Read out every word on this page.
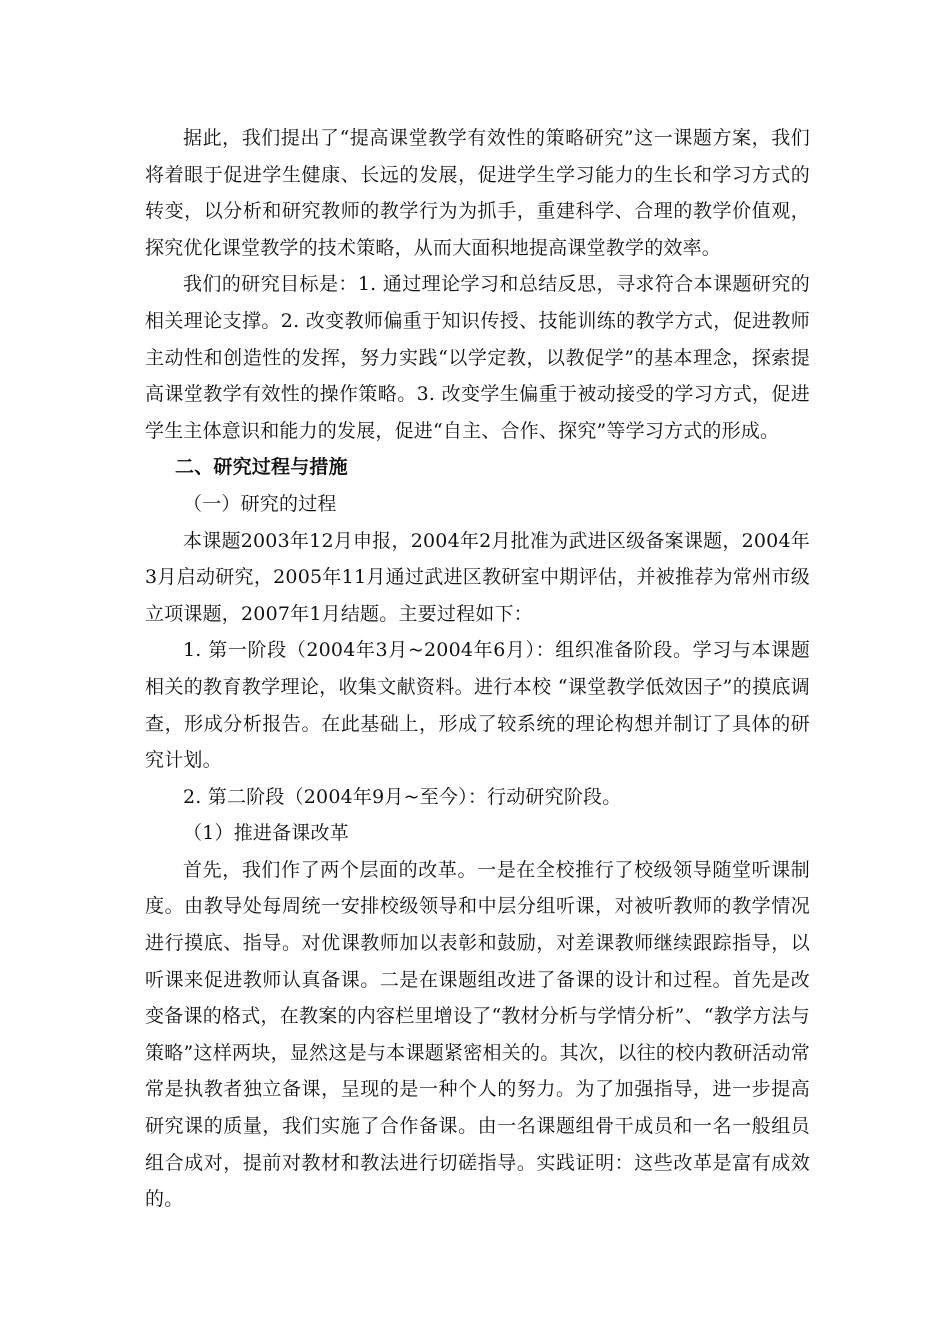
据此，我们提出了“提高课堂教学有效性的策略研究”这一课题方案，我们将着眼于促进学生健康、长远的发展，促进学生学习能力的生长和学习方式的转变，以分析和研究教师的教学行为为抓手，重建科学、合理的教学价值观，探究优化课堂教学的技术策略，从而大面积地提高课堂教学的效率。

我们的研究目标是：1. 通过理论学习和总结反思，寻求符合本课题研究的相关理论支撑。2. 改变教师偏重于知识传授、技能训练的教学方式，促进教师主动性和创造性的发挥，努力实践“以学定教，以教促学”的基本理念，探索提高课堂教学有效性的操作策略。3. 改变学生偏重于被动接受的学习方式，促进学生主体意识和能力的发展，促进“自主、合作、探究”等学习方式的形成。

二、研究过程与措施

（一）研究的过程

本课题2003年12月申报，2004年2月批准为武进区级备案课题，2004年3月启动研究，2005年11月通过武进区教研室中期评估，并被推荐为常州市级立项课题，2007年1月结题。主要过程如下：

1. 第一阶段（2004年3月~2004年6月）：组织准备阶段。学习与本课题相关的教育教学理论，收集文献资料。进行本校 “课堂教学低效因子”的摸底调查，形成分析报告。在此基础上，形成了较系统的理论构想并制订了具体的研究计划。

2. 第二阶段（2004年9月~至今）：行动研究阶段。

（1）推进备课改革

首先，我们作了两个层面的改革。一是在全校推行了校级领导随堂听课制度。由教导处每周统一安排校级领导和中层分组听课，对被听教师的教学情况进行摸底、指导。对优课教师加以表彰和鼓励，对差课教师继续跟踪指导，以听课来促进教师认真备课。二是在课题组改进了备课的设计和过程。首先是改变备课的格式，在教案的内容栏里增设了“教材分析与学情分析”、“教学方法与策略”这样两块，显然这是与本课题紧密相关的。其次，以往的校内教研活动常常是执教者独立备课，呈现的是一种个人的努力。为了加强指导，进一步提高研究课的质量，我们实施了合作备课。由一名课题组骨干成员和一名一般组员组合成对，提前对教材和教法进行切磋指导。实践证明：这些改革是富有成效的。
